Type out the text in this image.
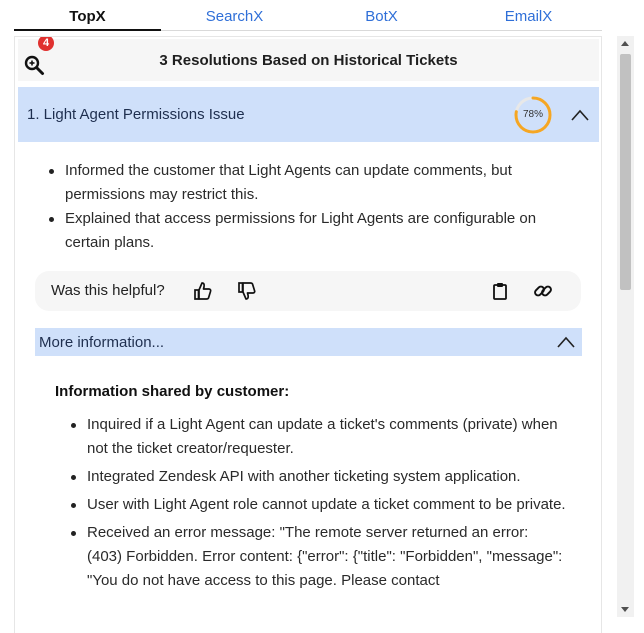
TopX	SearchX	BotX	EmailX
4
3 Resolutions Based on Historical Tickets
1. Light Agent Permissions Issue	78%
Informed the customer that Light Agents can update comments, but permissions may restrict this.
Explained that access permissions for Light Agents are configurable on certain plans.
Was this helpful?
More information...
Information shared by customer:
Inquired if a Light Agent can update a ticket's comments (private) when not the ticket creator/requester.
Integrated Zendesk API with another ticketing system application.
User with Light Agent role cannot update a ticket comment to be private.
Received an error message: "The remote server returned an error: (403) Forbidden. Error content: {"error": {"title": "Forbidden", "message": "You do not have access to this page. Please contact
